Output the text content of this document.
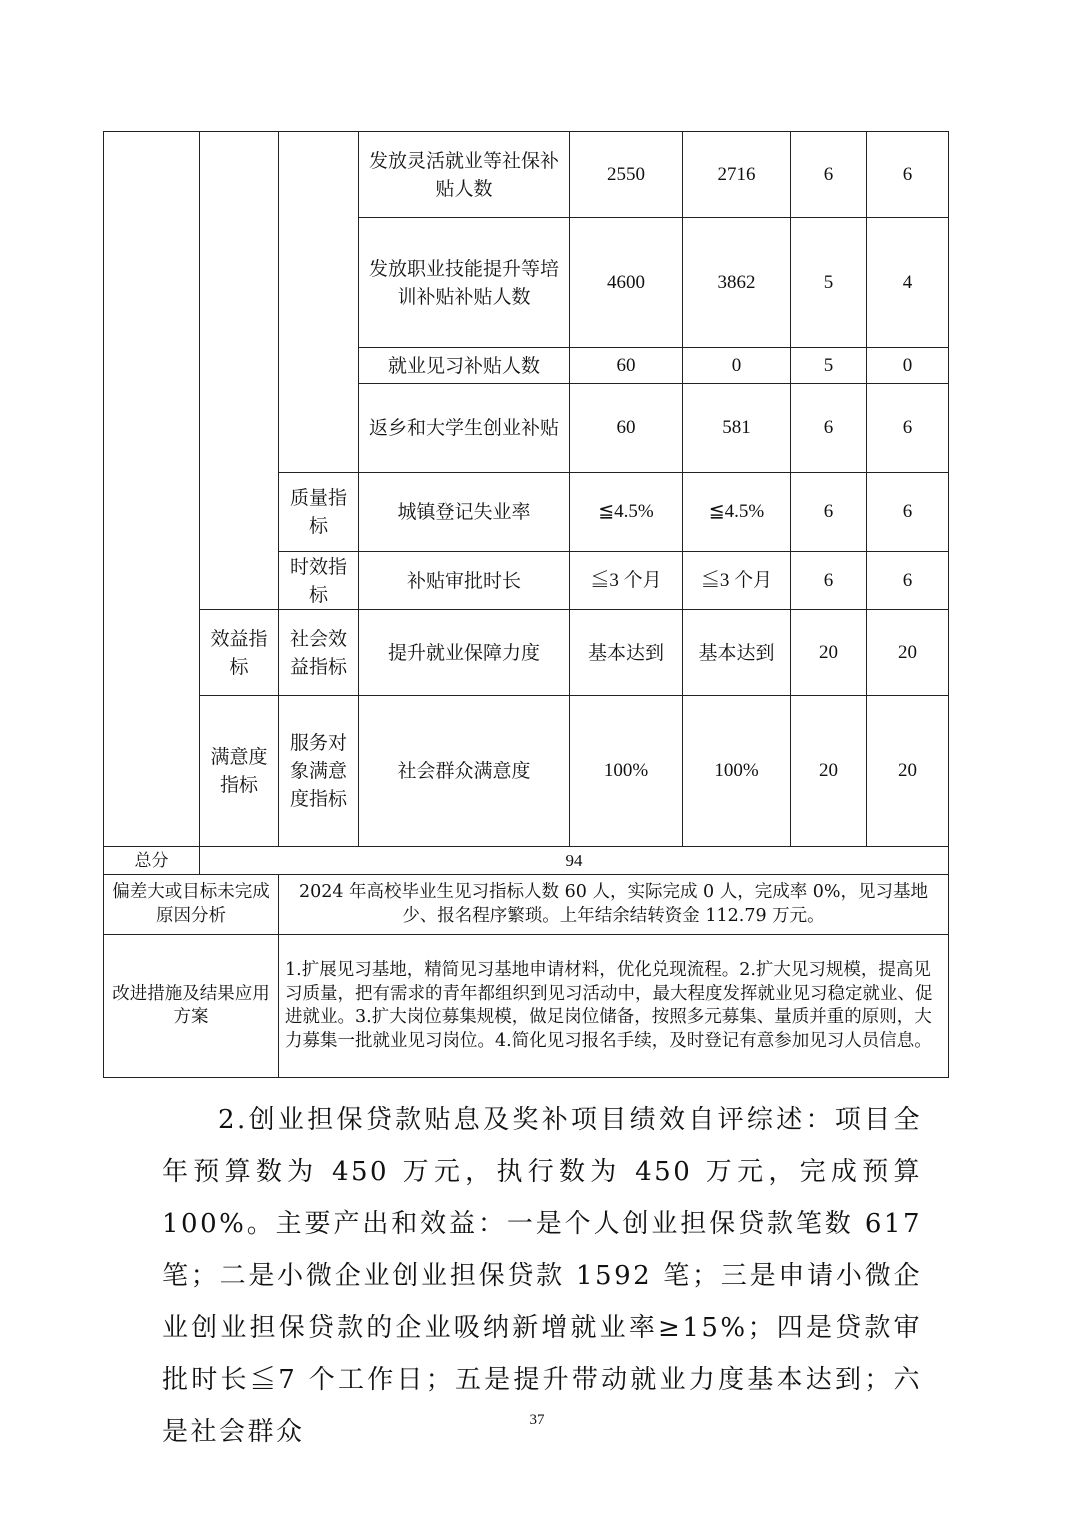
			发放灵活就业等社保补贴人数	2550	2716	6	6
			发放职业技能提升等培训补贴补贴人数	4600	3862	5	4
			就业见习补贴人数	60	0	5	0
			返乡和大学生创业补贴	60	581	6	6
		质量指标	城镇登记失业率	≦4.5%	≦4.5%	6	6
		时效指标	补贴审批时长	≦3 个月	≦3 个月	6	6
	效益指标	社会效益指标	提升就业保障力度	基本达到	基本达到	20	20
	满意度指标	服务对象满意度指标	社会群众满意度	100%	100%	20	20
总分	94						
偏差大或目标未完成　原因分析		2024 年高校毕业生见习指标人数 60 人，实际完成 0 人，完成率 0%，见习基地少、报名程序繁琐。上年结余结转资金 112.79 万元。					
改进措施及结果应用方案		1.扩展见习基地，精简见习基地申请材料，优化兑现流程。2.扩大见习规模，提高见习质量，把有需求的青年都组织到见习活动中，最大程度发挥就业见习稳定就业、促进就业。3.扩大岗位募集规模，做足岗位储备，按照多元募集、量质并重的原则，大力募集一批就业见习岗位。4.简化见习报名手续，及时登记有意参加见习人员信息。					

2.创业担保贷款贴息及奖补项目绩效自评综述：项目全年预算数为 450 万元，执行数为 450 万元，完成预算 100%。主要产出和效益：一是个人创业担保贷款笔数 617 笔；二是小微企业创业担保贷款 1592 笔；三是申请小微企业创业担保贷款的企业吸纳新增就业率≥15%；四是贷款审批时长≦7 个工作日；五是提升带动就业力度基本达到；六是社会群众	37
